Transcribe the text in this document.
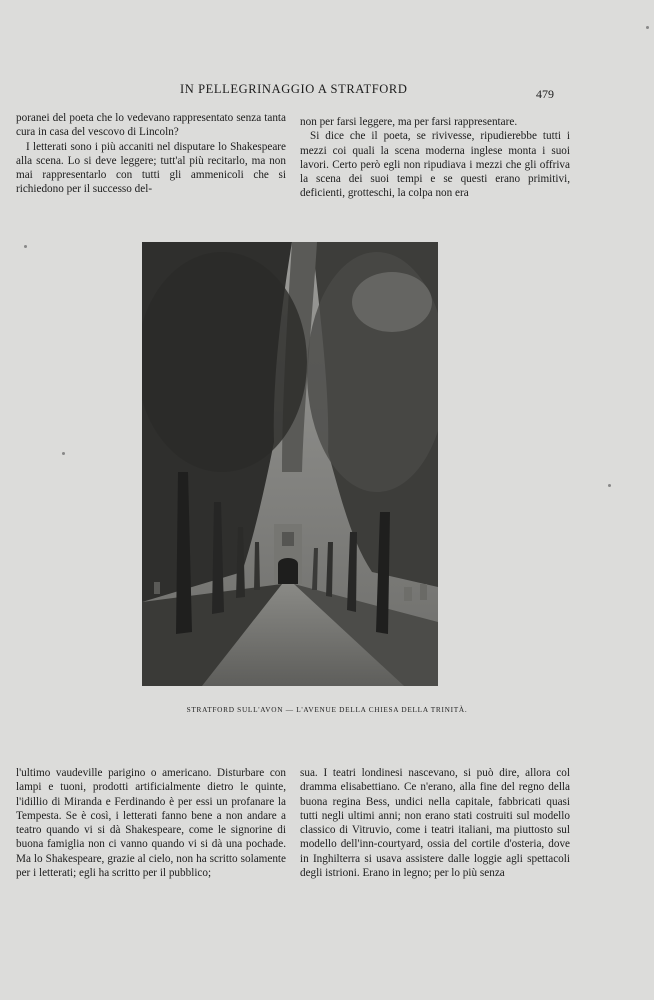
IN PELLEGRINAGGIO A STRATFORD	479

poranei del poeta che lo vedevano rappresentato senza tanta cura in casa del vescovo di Lincoln?

I letterati sono i più accaniti nel disputare lo Shakespeare alla scena. Lo si deve leggere; tutt'al più recitarlo, ma non mai rappresentarlo con tutti gli ammenicoli che si richiedono per il successo del-

non per farsi leggere, ma per farsi rappresentare.

Si dice che il poeta, se rivivesse, ripudierebbe tutti i mezzi coi quali la scena moderna inglese monta i suoi lavori. Certo però egli non ripudiava i mezzi che gli offriva la scena dei suoi tempi e se questi erano primitivi, deficienti, grotteschi, la colpa non era

STRATFORD SULL'AVON — L'AVENUE DELLA CHIESA DELLA TRINITÀ.

l'ultimo vaudeville parigino o americano. Disturbare con lampi e tuoni, prodotti artificialmente dietro le quinte, l'idillio di Miranda e Ferdinando è per essi un profanare la Tempesta. Se è così, i letterati fanno bene a non andare a teatro quando vi si dà Shakespeare, come le signorine di buona famiglia non ci vanno quando vi si dà una pochade. Ma lo Shakespeare, grazie al cielo, non ha scritto solamente per i letterati; egli ha scritto per il pubblico;

sua. I teatri londinesi nascevano, si può dire, allora col dramma elisabettiano. Ce n'erano, alla fine del regno della buona regina Bess, undici nella capitale, fabbricati quasi tutti negli ultimi anni; non erano stati costruiti sul modello classico di Vitruvio, come i teatri italiani, ma piuttosto sul modello dell'inn-courtyard, ossia del cortile d'osteria, dove in Inghilterra si usava assistere dalle loggie agli spettacoli degli istrioni. Erano in legno; per lo più senza
